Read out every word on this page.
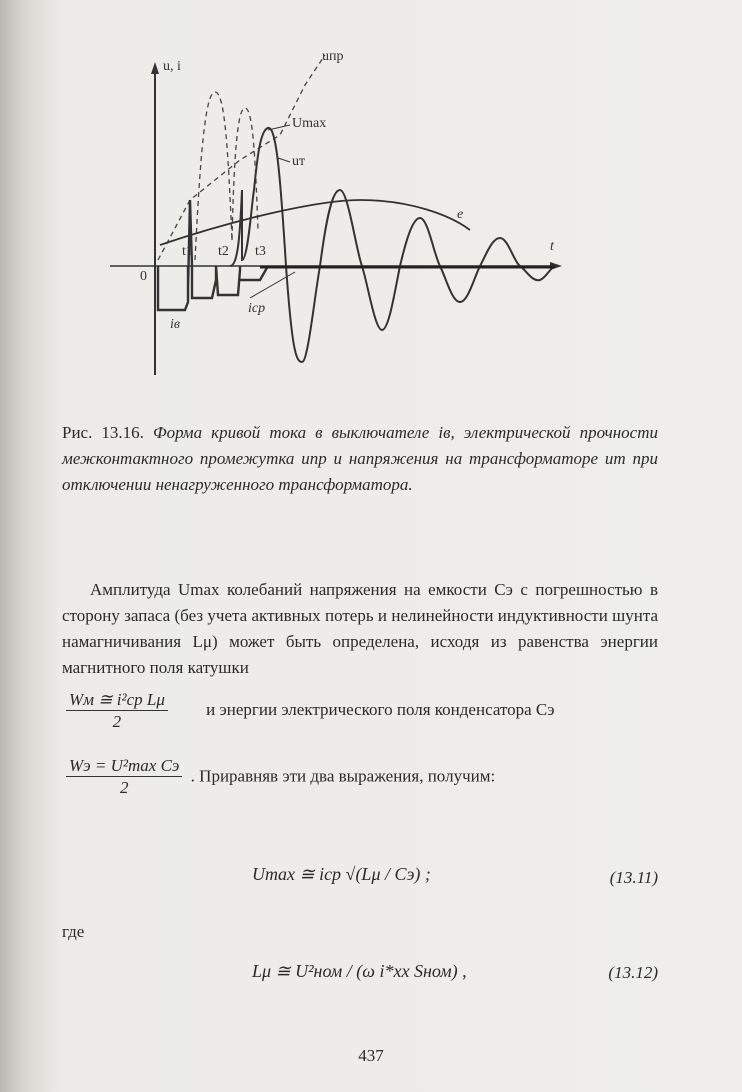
u, i
uпр
Umax
uт
e
t
0
t1 t2 t3
iср
iв
Рис. 13.16. Форма кривой тока в выключателе iв, электрической прочности межконтактного промежутка uпр и напряжения на трансформаторе uт при отключении ненагруженного трансформатора.
Амплитуда Umax колебаний напряжения на емкости Cэ с погрешностью в сторону запаса (без учета активных потерь и нелинейности индуктивности шунта намагничивания Lμ) может быть определена, исходя из равенства энергии магнитного поля катушки
$\frac{\text{Wм ≅ i²ср Lμ}}{2}$ и энергии электрического поля конденсатора Cэ
$\frac{\text{Wэ = U²max Cэ}}{2}$ . Приравняв эти два выражения, получим:
Umax ≅ iср √(Lμ / Cэ) ;	(13.11)
где
Lμ ≅ U²ном / (ω i*хх Sном) ,	(13.12)
437
